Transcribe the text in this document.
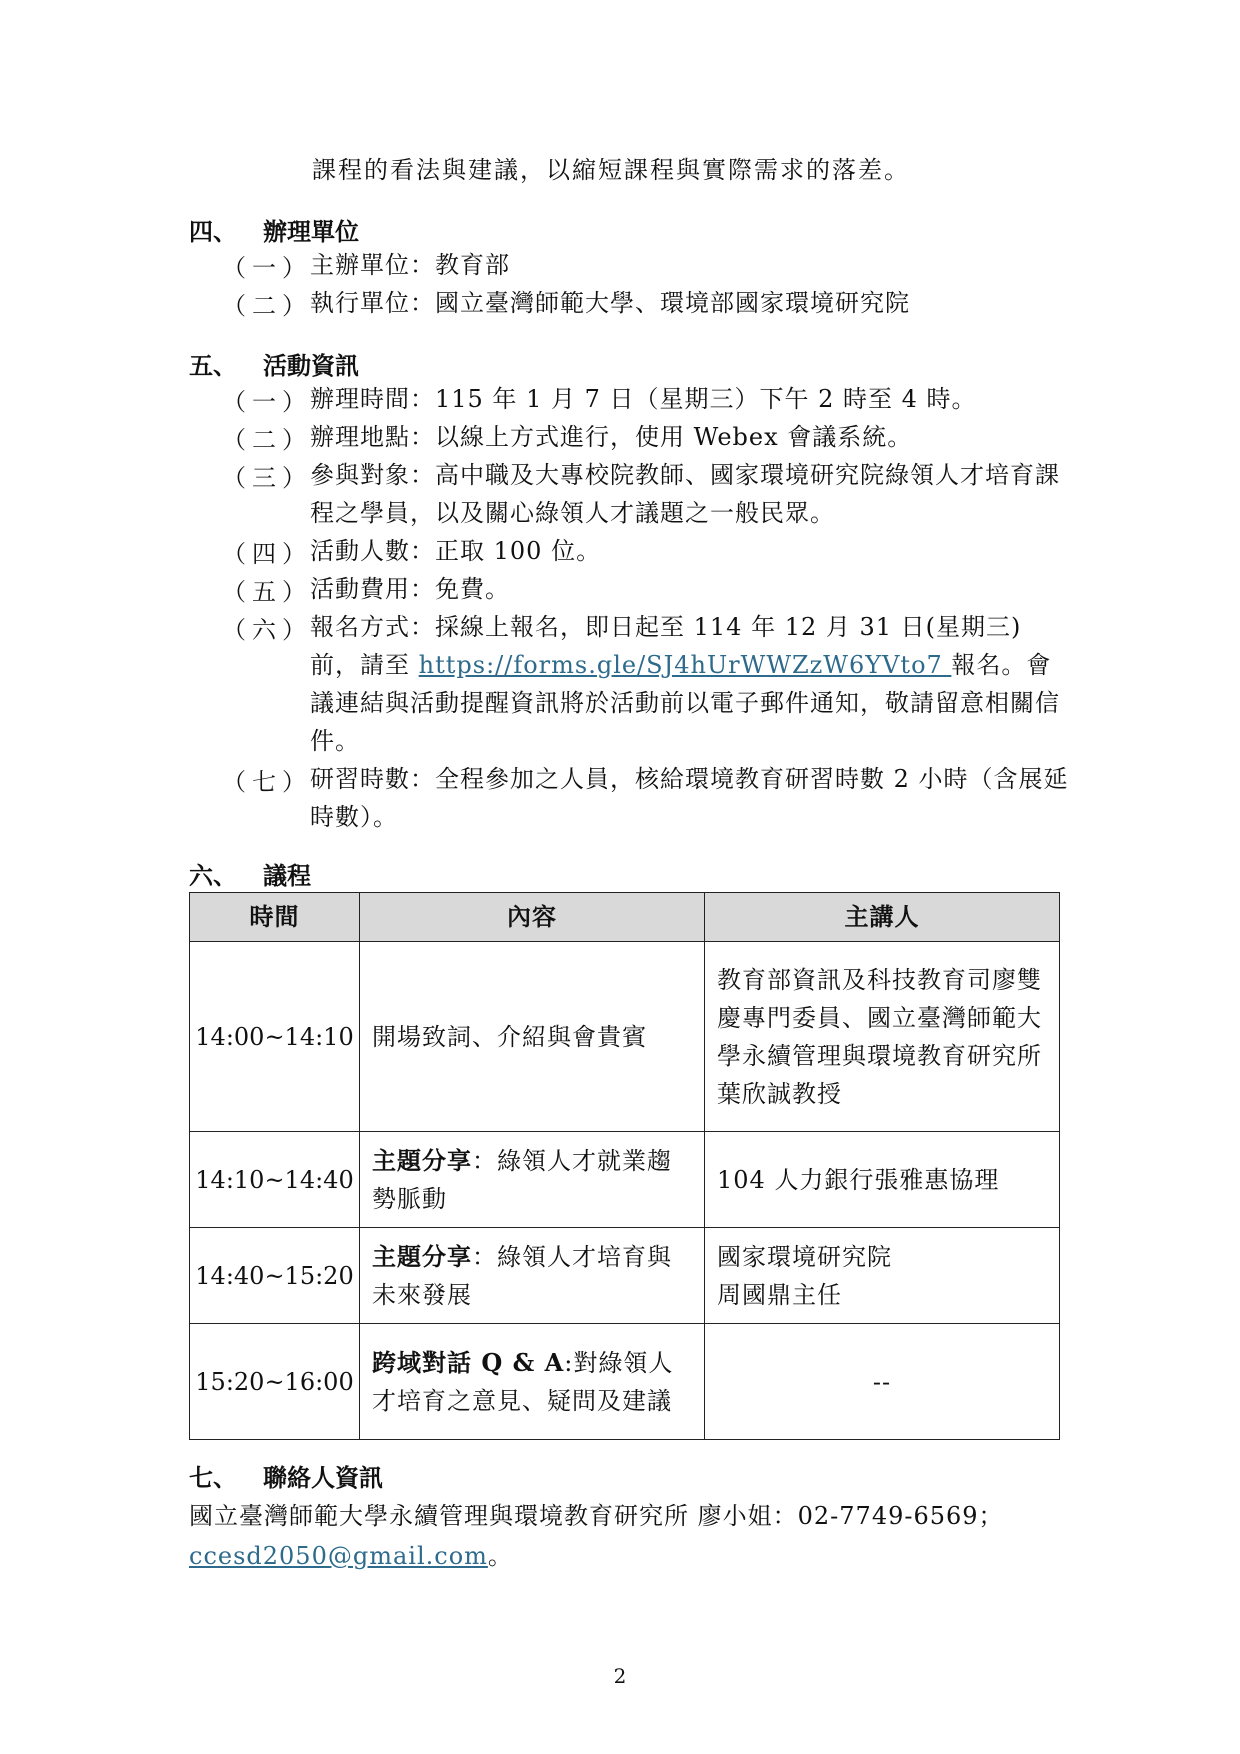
課程的看法與建議，以縮短課程與實際需求的落差。
四、 辦理單位
（一）
主辦單位：教育部
（二）
執行單位：國立臺灣師範大學、環境部國家環境研究院
五、 活動資訊
（一）
辦理時間：115 年 1 月 7 日（星期三）下午 2 時至 4 時。
（二）
辦理地點：以線上方式進行，使用 Webex 會議系統。
（三）
參與對象：高中職及大專校院教師、國家環境研究院綠領人才培育課程之學員，以及關心綠領人才議題之一般民眾。
（四）
活動人數：正取 100 位。
（五）
活動費用：免費。
（六）
報名方式：採線上報名，即日起至 114 年 12 月 31 日(星期三)前，請至 https://forms.gle/SJ4hUrWWZzW6YVto7 報名。會議連結與活動提醒資訊將於活動前以電子郵件通知，敬請留意相關信件。
（七）
研習時數：全程參加之人員，核給環境教育研習時數 2 小時（含展延時數）。
六、 議程
時間	內容	主講人
14:00~14:10	開場致詞、介紹與會貴賓	教育部資訊及科技教育司廖雙慶專門委員、國立臺灣師範大學永續管理與環境教育研究所葉欣誠教授
14:10~14:40	主題分享：綠領人才就業趨勢脈動	104 人力銀行張雅惠協理
14:40~15:20	主題分享：綠領人才培育與未來發展	國家環境研究院
周國鼎主任
15:20~16:00	跨域對話 Q & A:對綠領人才培育之意見、疑問及建議	--
七、 聯絡人資訊
國立臺灣師範大學永續管理與環境教育研究所 廖小姐：02-7749-6569；ccesd2050@gmail.com。
2
